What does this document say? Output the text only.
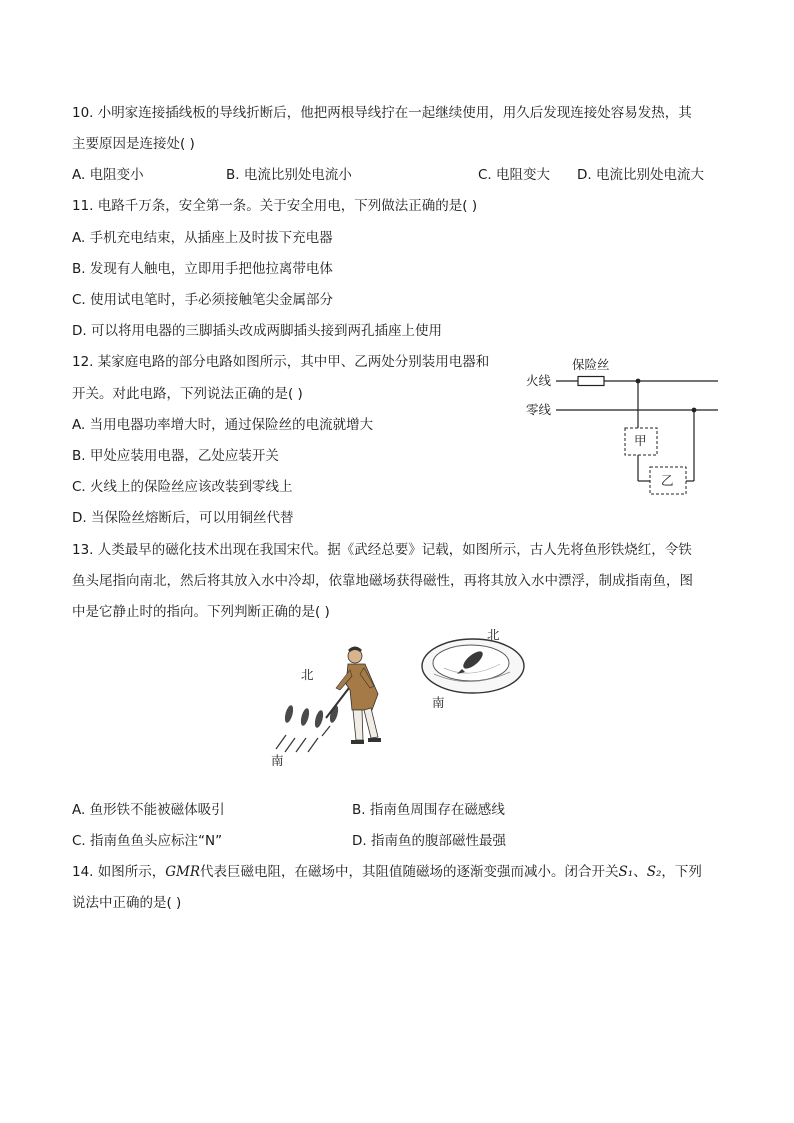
10. 小明家连接插线板的导线折断后，他把两根导线拧在一起继续使用，用久后发现连接处容易发热，其
主要原因是连接处( )
A. 电阻变小	B. 电流比别处电流小	C. 电阻变大 D. 电流比别处电流大
11. 电路千万条，安全第一条。关于安全用电，下列做法正确的是( )
A. 手机充电结束，从插座上及时拔下充电器
B. 发现有人触电，立即用手把他拉离带电体
C. 使用试电笔时，手必须接触笔尖金属部分
D. 可以将用电器的三脚插头改成两脚插头接到两孔插座上使用
12. 某家庭电路的部分电路如图所示，其中甲、乙两处分别装用电器和
开关。对此电路，下列说法正确的是( )
A. 当用电器功率增大时，通过保险丝的电流就增大
B. 甲处应装用电器，乙处应装开关
C. 火线上的保险丝应该改装到零线上
D. 当保险丝熔断后，可以用铜丝代替
保险丝
火线
零线
甲
乙
13. 人类最早的磁化技术出现在我国宋代。据《武经总要》记载，如图所示，古人先将鱼形铁烧红，令铁
鱼头尾指向南北，然后将其放入水中冷却，依靠地磁场获得磁性，再将其放入水中漂浮，制成指南鱼，图
中是它静止时的指向。下列判断正确的是( )
北
南
北
南
A. 鱼形铁不能被磁体吸引	B. 指南鱼周围存在磁感线
C. 指南鱼鱼头应标注“N”	D. 指南鱼的腹部磁性最强
14. 如图所示，GMR代表巨磁电阻，在磁场中，其阻值随磁场的逐渐变强而减小。闭合开关S₁、S₂，下列
说法中正确的是( )
